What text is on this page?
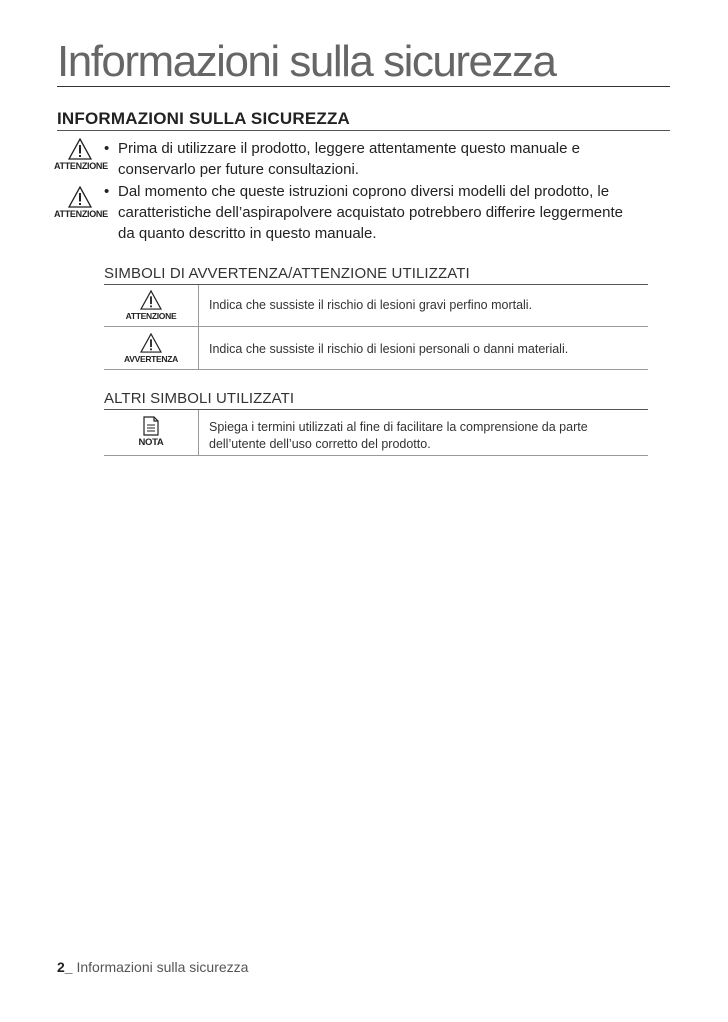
Informazioni sulla sicurezza
INFORMAZIONI SULLA SICUREZZA
ATTENZIONE
• Prima di utilizzare il prodotto, leggere attentamente questo manuale e
conservarlo per future consultazioni.
ATTENZIONE
• Dal momento che queste istruzioni coprono diversi modelli del prodotto, le
caratteristiche dell’aspirapolvere acquistato potrebbero differire leggermente
da quanto descritto in questo manuale.
SIMBOLI DI AVVERTENZA/ATTENZIONE UTILIZZATI
ATTENZIONE
Indica che sussiste il rischio di lesioni gravi perfino mortali.
AVVERTENZA
Indica che sussiste il rischio di lesioni personali o danni materiali.
ALTRI SIMBOLI UTILIZZATI
NOTA
Spiega i termini utilizzati al fine di facilitare la comprensione da parte
dell’utente dell’uso corretto del prodotto.
2_ Informazioni sulla sicurezza
